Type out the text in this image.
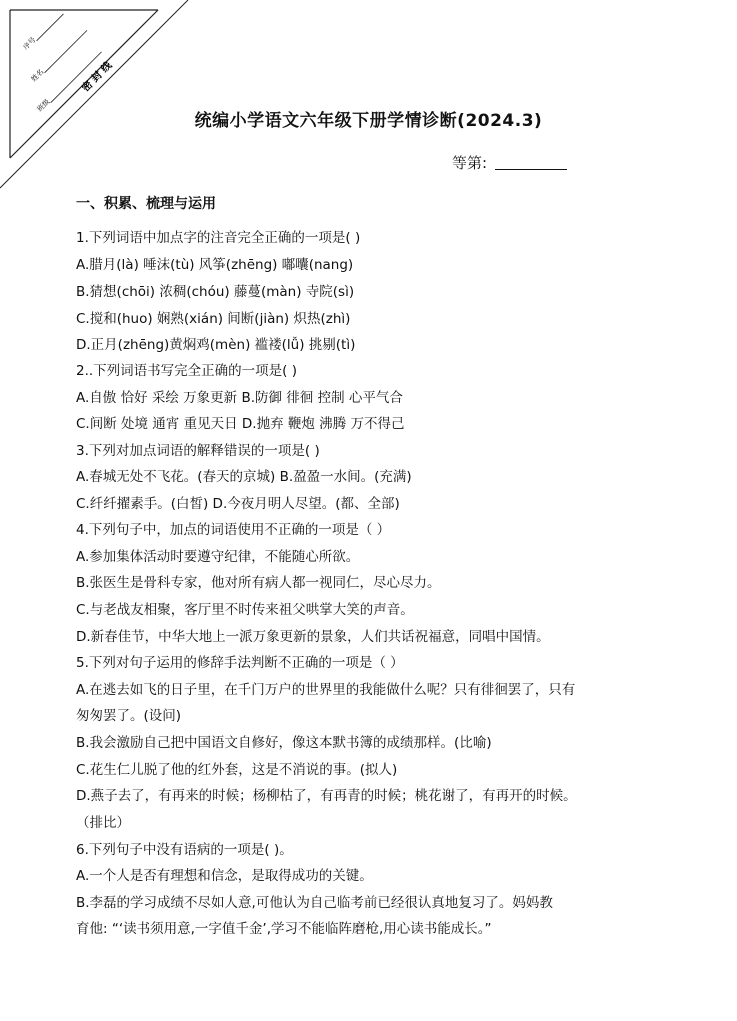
序号
姓名
班级
密 封 线
统编小学语文六年级下册学情诊断(2024.3)
等第:
一、积累、梳理与运用
1.下列词语中加点字的注音完全正确的一项是( )
A.腊月(là) 唾沫(tù) 风筝(zhēng) 嘟囔(nang)
B.猜想(chōi) 浓稠(chóu) 藤蔓(màn) 寺院(sì)
C.搅和(huo) 娴熟(xián) 间断(jiàn) 炽热(zhì)
D.正月(zhēng)黄焖鸡(mèn) 褴褛(lǚ) 挑剔(tì)
2..下列词语书写完全正确的一项是( )
A.自傲 恰好 采绘 万象更新 B.防御 徘徊 控制 心平气合
C.间断 处境 通宵 重见天日 D.抛弃 鞭炮 沸腾 万不得己
3.下列对加点词语的解释错误的一项是( )
A.春城无处不飞花。(春天的京城) B.盈盈一水间。(充满)
C.纤纤擢素手。(白皙) D.今夜月明人尽望。(都、全部)
4.下列句子中，加点的词语使用不正确的一项是（ ）
A.参加集体活动时要遵守纪律，不能随心所欲。
B.张医生是骨科专家，他对所有病人都一视同仁，尽心尽力。
C.与老战友相聚，客厅里不时传来祖父哄掌大笑的声音。
D.新春佳节，中华大地上一派万象更新的景象，人们共话祝福意，同唱中国情。
5.下列对句子运用的修辞手法判断不正确的一项是（ ）
A.在逃去如飞的日子里，在千门万户的世界里的我能做什么呢？只有徘徊罢了，只有
匆匆罢了。(设问)
B.我会激励自己把中国语文自修好，像这本默书簿的成绩那样。(比喻)
C.花生仁儿脱了他的红外套，这是不消说的事。(拟人)
D.燕子去了，有再来的时候；杨柳枯了，有再青的时候；桃花谢了，有再开的时候。
（排比）
6.下列句子中没有语病的一项是( )。
A.一个人是否有理想和信念，是取得成功的关键。
B.李磊的学习成绩不尽如人意,可他认为自己临考前已经很认真地复习了。妈妈教
育他: “‘读书须用意,一字值千金’,学习不能临阵磨枪,用心读书能成长。”
